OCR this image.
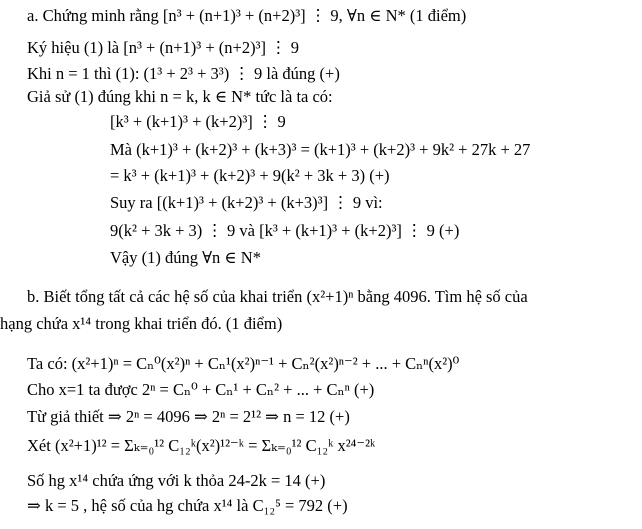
a. Chứng minh rằng [n³ + (n+1)³ + (n+2)³] ⋮ 9, ∀n ∈ N* (1 điểm)
Ký hiệu (1) là [n³ + (n+1)³ + (n+2)³] ⋮ 9
Khi n = 1 thì (1): (1³ + 2³ + 3³) ⋮ 9 là đúng (+)
Giả sử (1) đúng khi n = k, k ∈ N* tức là ta có:
[k³ + (k+1)³ + (k+2)³] ⋮ 9
Mà (k+1)³ + (k+2)³ + (k+3)³ = (k+1)³ + (k+2)³ + 9k² + 27k + 27
= k³ + (k+1)³ + (k+2)³ + 9(k² + 3k + 3) (+)
Suy ra [(k+1)³ + (k+2)³ + (k+3)³] ⋮ 9 vì:
9(k² + 3k + 3) ⋮ 9 và [k³ + (k+1)³ + (k+2)³] ⋮ 9 (+)
Vậy (1) đúng ∀n ∈ N*
b. Biết tổng tất cả các hệ số của khai triển (x²+1)ⁿ bằng 4096. Tìm hệ số của
hạng chứa x¹⁴ trong khai triển đó. (1 điểm)
Ta có: (x²+1)ⁿ = Cₙ⁰(x²)ⁿ + Cₙ¹(x²)ⁿ⁻¹ + Cₙ²(x²)ⁿ⁻² + ... + Cₙⁿ(x²)⁰
Cho x=1 ta được 2ⁿ = Cₙ⁰ + Cₙ¹ + Cₙ² + ... + Cₙⁿ (+)
Từ giả thiết ⇒ 2ⁿ = 4096 ⇒ 2ⁿ = 2¹² ⇒ n = 12 (+)
Xét (x²+1)¹² = Σₖ₌₀¹² C₁₂ᵏ(x²)¹²⁻ᵏ = Σₖ₌₀¹² C₁₂ᵏ x²⁴⁻²ᵏ
Số hg x¹⁴ chứa ứng với k thỏa 24-2k = 14 (+)
⇒ k = 5 , hệ số của hg chứa x¹⁴ là C₁₂⁵ = 792 (+)
